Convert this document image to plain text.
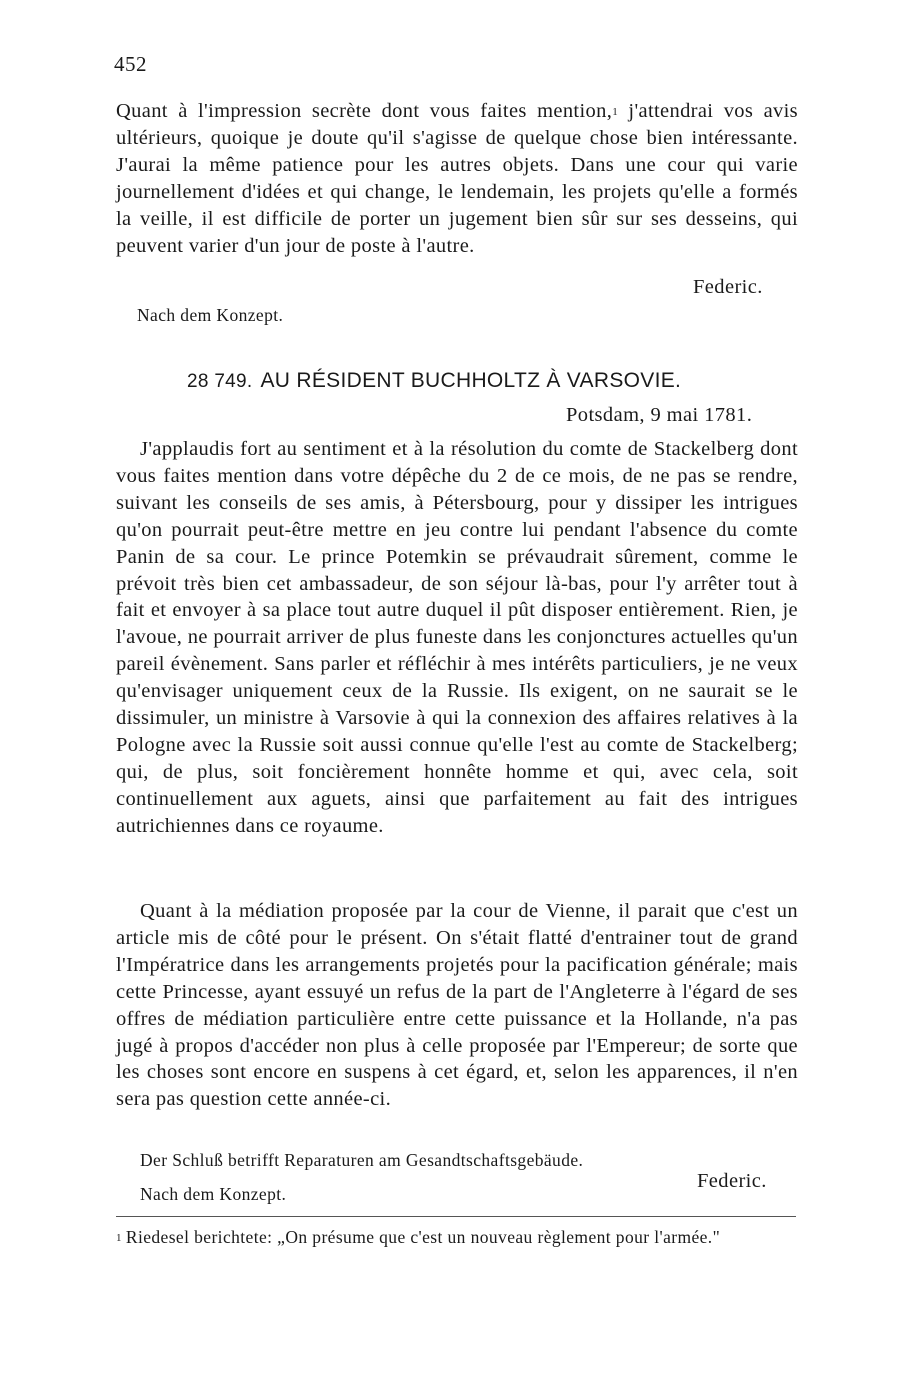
452
Quant à l'impression secrète dont vous faites mention,$^1$ j'attendrai vos avis ultérieurs, quoique je doute qu'il s'agisse de quelque chose bien intéressante. J'aurai la même patience pour les autres objets. Dans une cour qui varie journellement d'idées et qui change, le lendemain, les projets qu'elle a formés la veille, il est difficile de porter un jugement bien sûr sur ses desseins, qui peuvent varier d'un jour de poste à l'autre.
Federic.
Nach dem Konzept.
28 749. AU RÉSIDENT BUCHHOLTZ À VARSOVIE.
Potsdam, 9 mai 1781.
J'applaudis fort au sentiment et à la résolution du comte de Stackelberg dont vous faites mention dans votre dépêche du 2 de ce mois, de ne pas se rendre, suivant les conseils de ses amis, à Pétersbourg, pour y dissiper les intrigues qu'on pourrait peut-être mettre en jeu contre lui pendant l'absence du comte Panin de sa cour. Le prince Potemkin se prévaudrait sûrement, comme le prévoit très bien cet ambassadeur, de son séjour là-bas, pour l'y arrêter tout à fait et envoyer à sa place tout autre duquel il pût disposer entièrement. Rien, je l'avoue, ne pourrait arriver de plus funeste dans les conjonctures actuelles qu'un pareil évènement. Sans parler et réfléchir à mes intérêts particuliers, je ne veux qu'envisager uniquement ceux de la Russie. Ils exigent, on ne saurait se le dissimuler, un ministre à Varsovie à qui la connexion des affaires relatives à la Pologne avec la Russie soit aussi connue qu'elle l'est au comte de Stackelberg; qui, de plus, soit foncièrement honnête homme et qui, avec cela, soit continuellement aux aguets, ainsi que parfaitement au fait des intrigues autrichiennes dans ce royaume.
Quant à la médiation proposée par la cour de Vienne, il parait que c'est un article mis de côté pour le présent. On s'était flatté d'entrainer tout de grand l'Impératrice dans les arrangements projetés pour la pacification générale; mais cette Princesse, ayant essuyé un refus de la part de l'Angleterre à l'égard de ses offres de médiation particulière entre cette puissance et la Hollande, n'a pas jugé à propos d'accéder non plus à celle proposée par l'Empereur; de sorte que les choses sont encore en suspens à cet égard, et, selon les apparences, il n'en sera pas question cette année-ci.
Der Schluß betrifft Reparaturen am Gesandtschaftsgebäude.
Federic.
Nach dem Konzept.
$^1$ Riedesel berichtete: „On présume que c'est un nouveau règlement pour l'armée."
